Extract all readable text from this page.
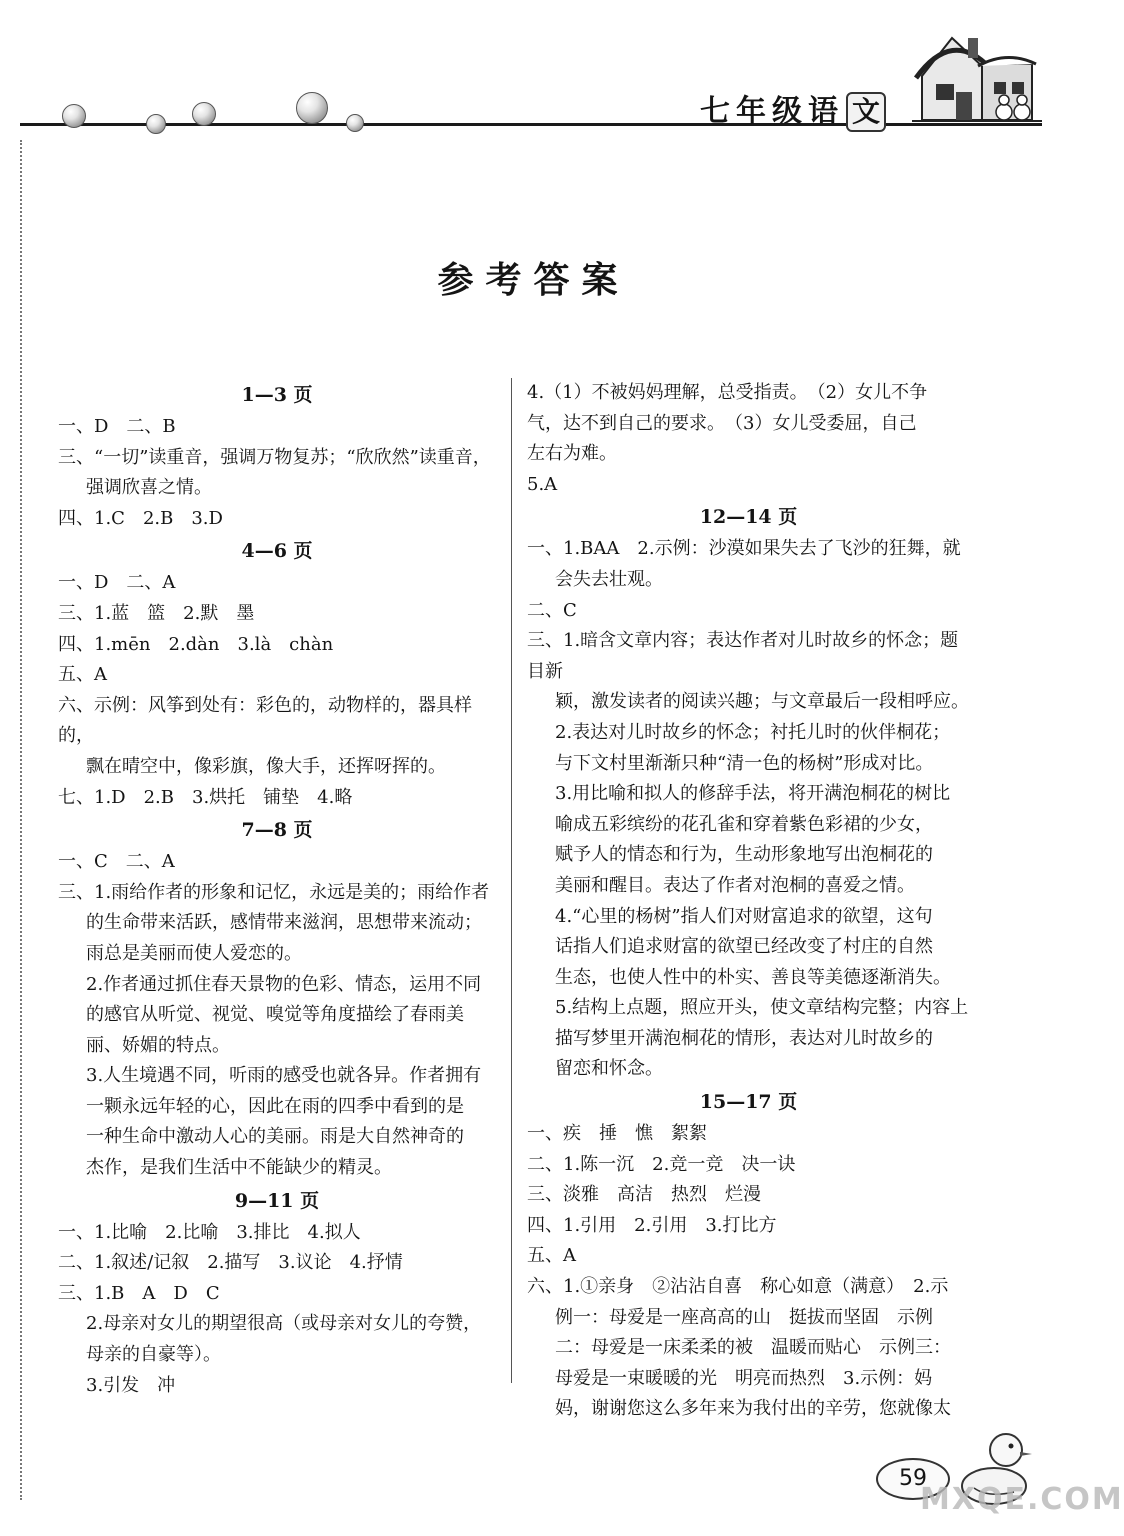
七年级语 文
参考答案
1—3 页
一、D　二、B
三、“一切”读重音，强调万物复苏；“欣欣然”读重音，
强调欣喜之情。
四、1.C　2.B　3.D
4—6 页
一、D　二、A
三、1.蓝　篮　2.默　墨
四、1.mēn　2.dàn　3.là　chàn
五、A
六、示例：风筝到处有：彩色的，动物样的，器具样的，
飘在晴空中，像彩旗，像大手，还挥呀挥的。
七、1.D　2.B　3.烘托　铺垫　4.略
7—8 页
一、C　二、A
三、1.雨给作者的形象和记忆，永远是美的；雨给作者
的生命带来活跃，感情带来滋润，思想带来流动；
雨总是美丽而使人爱恋的。
2.作者通过抓住春天景物的色彩、情态，运用不同
的感官从听觉、视觉、嗅觉等角度描绘了春雨美
丽、娇媚的特点。
3.人生境遇不同，听雨的感受也就各异。作者拥有
一颗永远年轻的心，因此在雨的四季中看到的是
一种生命中激动人心的美丽。雨是大自然神奇的
杰作，是我们生活中不能缺少的精灵。
9—11 页
一、1.比喻　2.比喻　3.排比　4.拟人
二、1.叙述/记叙　2.描写　3.议论　4.抒情
三、1.B　A　D　C
2.母亲对女儿的期望很高（或母亲对女儿的夸赞，
母亲的自豪等）。
3.引发　冲
4.（1）不被妈妈理解，总受指责。　（2）女儿不争
气，达不到自己的要求。　（3）女儿受委屈，自己
左右为难。
5.A
12—14 页
一、1.BAA　2.示例：沙漠如果失去了飞沙的狂舞，就
会失去壮观。
二、C
三、1.暗含文章内容；表达作者对儿时故乡的怀念；题目新
颖，激发读者的阅读兴趣；与文章最后一段相呼应。
2.表达对儿时故乡的怀念；衬托儿时的伙伴桐花；
与下文村里渐渐只种“清一色的杨树”形成对比。
3.用比喻和拟人的修辞手法，将开满泡桐花的树比
喻成五彩缤纷的花孔雀和穿着紫色彩裙的少女，
赋予人的情态和行为，生动形象地写出泡桐花的
美丽和醒目。表达了作者对泡桐的喜爱之情。
4.“心里的杨树”指人们对财富追求的欲望，这句
话指人们追求财富的欲望已经改变了村庄的自然
生态，也使人性中的朴实、善良等美德逐渐消失。
5.结构上点题，照应开头，使文章结构完整；内容上
描写梦里开满泡桐花的情形，表达对儿时故乡的
留恋和怀念。
15—17 页
一、疾　捶　憔　絮絮
二、1.陈一沉　2.竞一竞　决一诀
三、淡雅　高洁　热烈　烂漫
四、1.引用　2.引用　3.打比方
五、A
六、1.①亲身　②沾沾自喜　称心如意（满意）　2.示
例一：母爱是一座高高的山　挺拔而坚固　示例
二：母爱是一床柔柔的被　温暖而贴心　示例三：
母爱是一束暖暖的光　明亮而热烈　3.示例：妈
妈，谢谢您这么多年来为我付出的辛劳，您就像太
59
MXQE.COM
